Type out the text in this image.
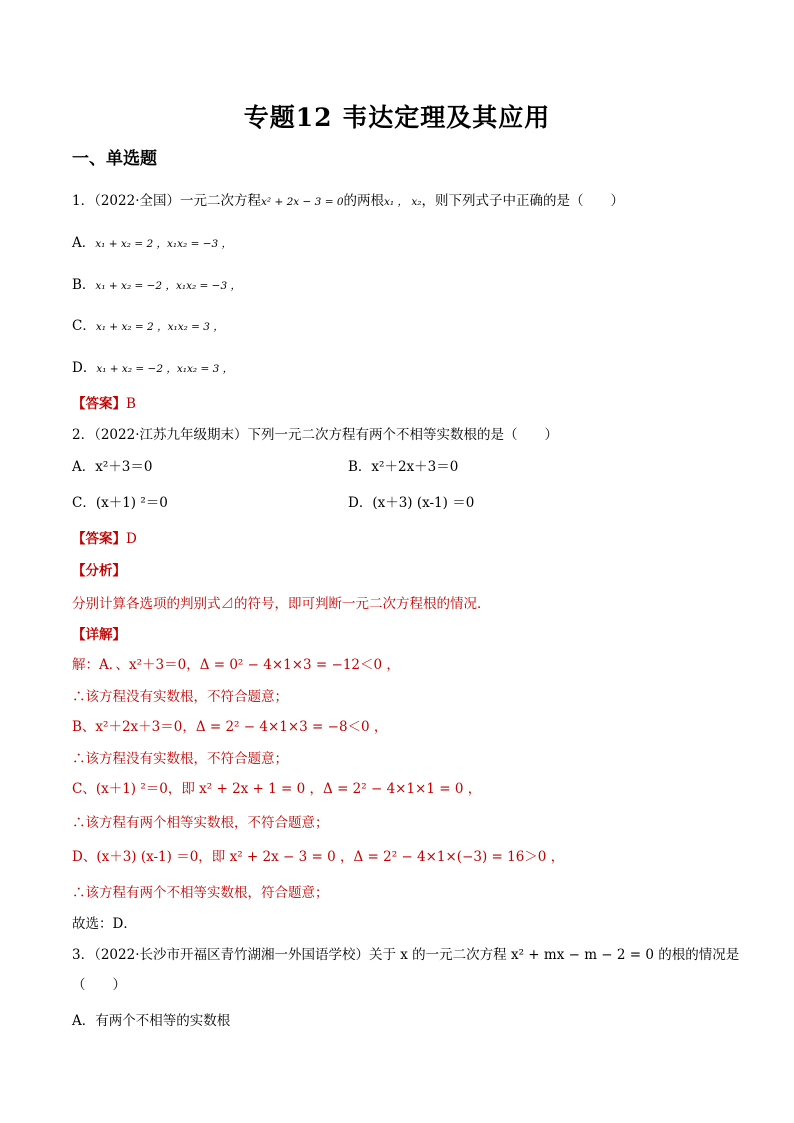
专题12 韦达定理及其应用
一、单选题
1．（2022·全国）一元二次方程x² + 2x − 3 = 0的两根x₁ ， x₂，则下列式子中正确的是（　　）
A．x₁ + x₂ = 2 ，x₁x₂ = −3 ，
B．x₁ + x₂ = −2 ，x₁x₂ = −3 ，
C．x₁ + x₂ = 2 ，x₁x₂ = 3 ，
D．x₁ + x₂ = −2 ，x₁x₂ = 3 ，
【答案】B
2．（2022·江苏九年级期末）下列一元二次方程有两个不相等实数根的是（　　）
A．x²＋3＝0	B．x²＋2x＋3＝0
C．(x＋1) ²＝0	D．(x＋3) (x-1) ＝0
【答案】D
【分析】
分别计算各选项的判别式⊿的符号，即可判断一元二次方程根的情况．
【详解】
解：A．、x²＋3＝0，Δ = 0² − 4×1×3 = −12＜0 ，
∴该方程没有实数根，不符合题意；
B、x²＋2x＋3＝0，Δ = 2² − 4×1×3 = −8＜0 ，
∴该方程没有实数根，不符合题意；
C、(x＋1) ²＝0，即 x² + 2x + 1 = 0 ，Δ = 2² − 4×1×1 = 0 ，
∴该方程有两个相等实数根，不符合题意；
D、(x＋3) (x-1) ＝0，即 x² + 2x − 3 = 0 ，Δ = 2² − 4×1×(−3) = 16＞0 ，
∴该方程有两个不相等实数根，符合题意；
故选：D．
3．（2022·长沙市开福区青竹湖湘一外国语学校）关于 x 的一元二次方程 x² + mx − m − 2 = 0 的根的情况是
（　　）
A．有两个不相等的实数根
